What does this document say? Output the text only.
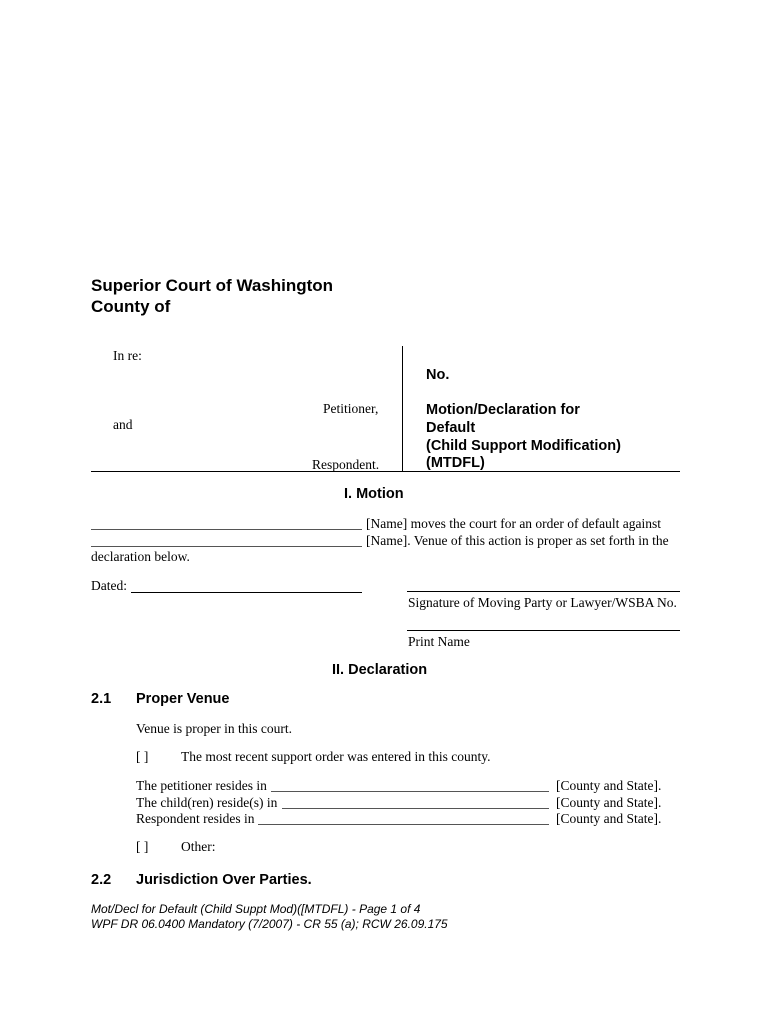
Superior Court of Washington
County of
In re:
Petitioner,
and
Respondent.
No.
Motion/Declaration for
Default
(Child Support Modification)
(MTDFL)
I. Motion
[Name] moves the court for an order of default against
[Name]. Venue of this action is proper as set forth in the
declaration below.
Dated:
Signature of Moving Party or Lawyer/WSBA No.
Print Name
II. Declaration
2.1 Proper Venue
Venue is proper in this court.
[ ] The most recent support order was entered in this county.
The petitioner resides in	[County and State].
The child(ren) reside(s) in	[County and State].
Respondent resides in	[County and State].
[ ] Other:
2.2 Jurisdiction Over Parties.
Mot/Decl for Default (Child Suppt Mod)([MTDFL) - Page 1 of 4
WPF DR 06.0400 Mandatory (7/2007) - CR 55 (a); RCW 26.09.175
